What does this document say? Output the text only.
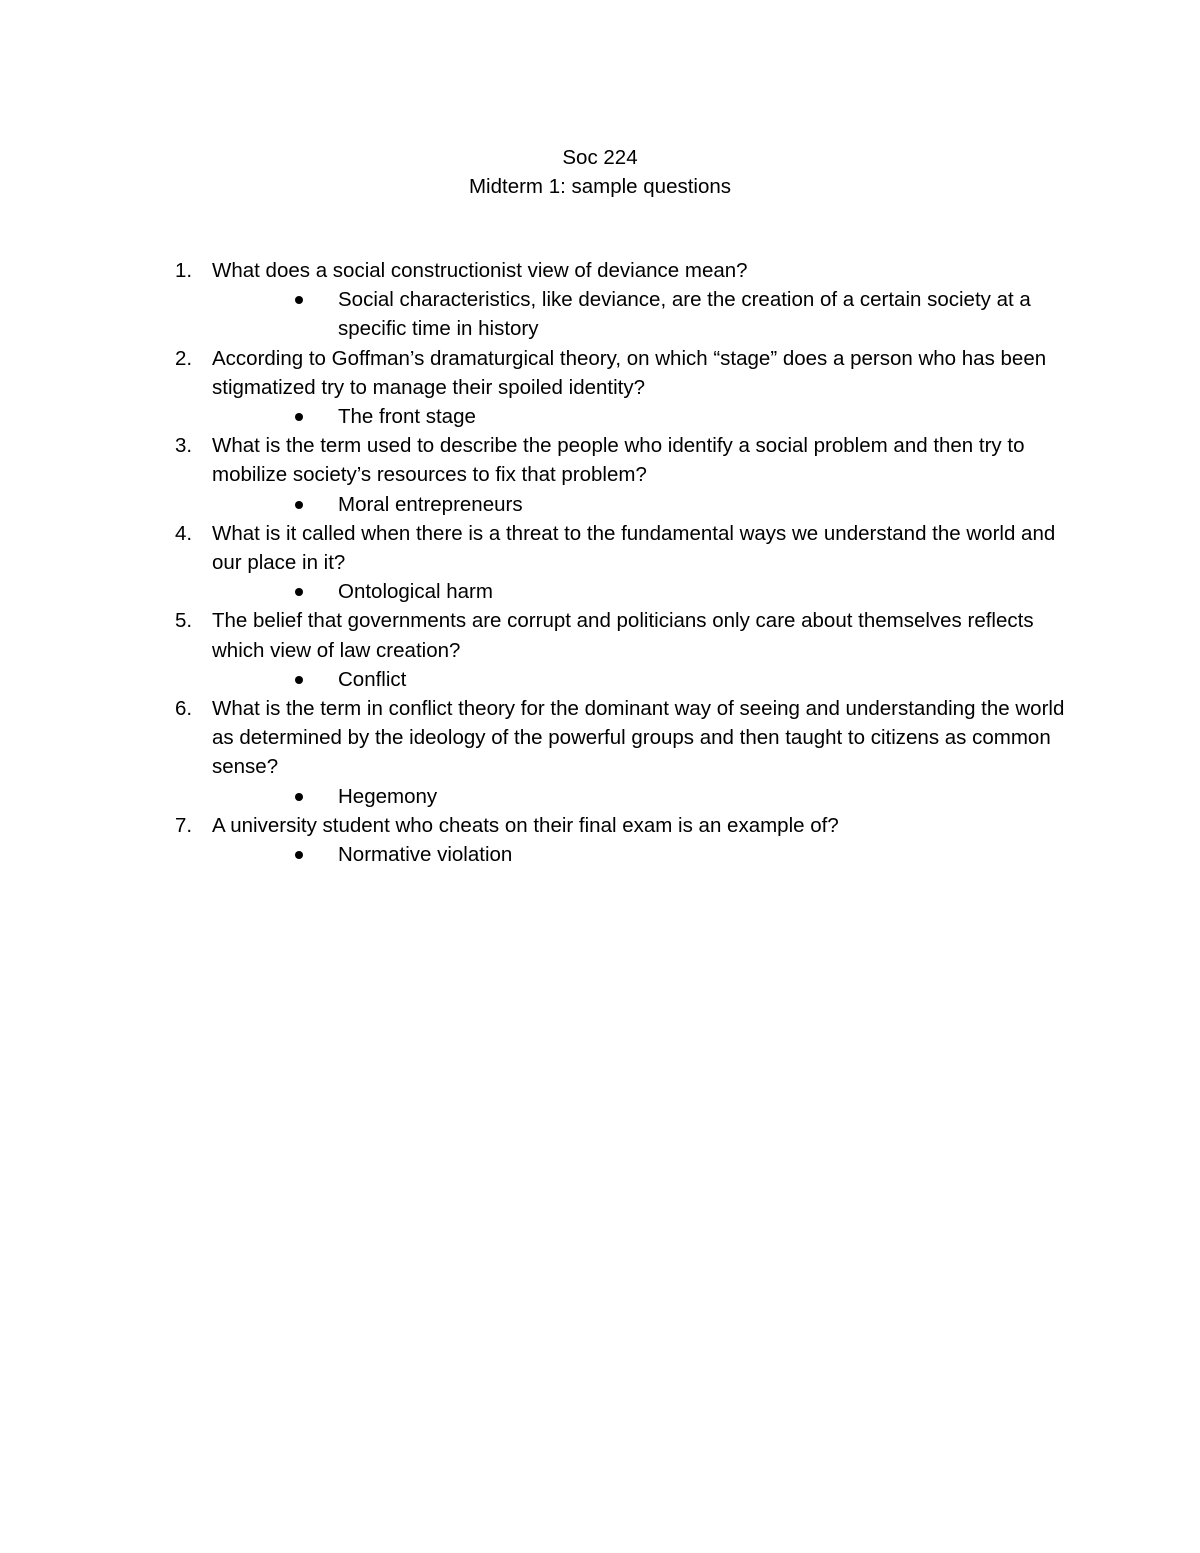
Soc 224
Midterm 1: sample questions
1. What does a social constructionist view of deviance mean?
Social characteristics, like deviance, are the creation of a certain society at a specific time in history
2. According to Goffman’s dramaturgical theory, on which “stage” does a person who has been stigmatized try to manage their spoiled identity?
The front stage
3. What is the term used to describe the people who identify a social problem and then try to mobilize society’s resources to fix that problem?
Moral entrepreneurs
4. What is it called when there is a threat to the fundamental ways we understand the world and our place in it?
Ontological harm
5. The belief that governments are corrupt and politicians only care about themselves reflects which view of law creation?
Conflict
6. What is the term in conflict theory for the dominant way of seeing and understanding the world as determined by the ideology of the powerful groups and then taught to citizens as common sense?
Hegemony
7. A university student who cheats on their final exam is an example of?
Normative violation
